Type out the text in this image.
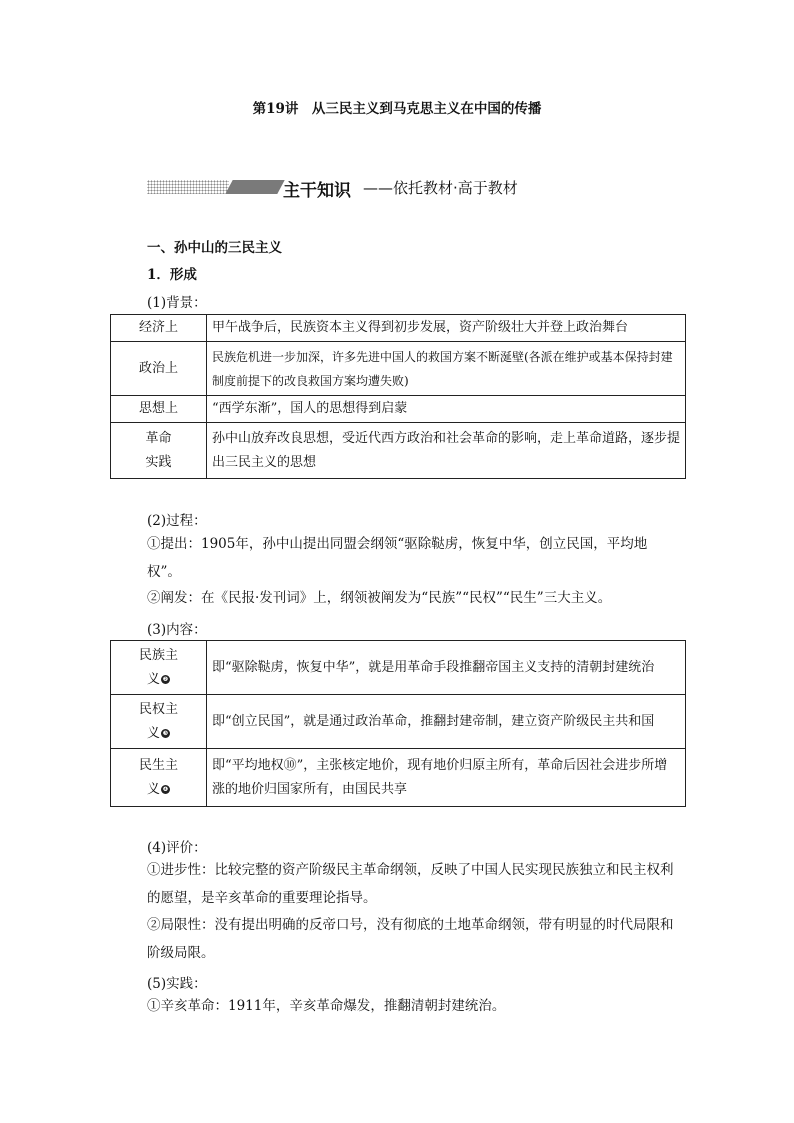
第19讲　从三民主义到马克思主义在中国的传播
主干知识 ——依托教材·高于教材
一、孙中山的三民主义
1．形成
(1)背景：
经济上	甲午战争后，民族资本主义得到初步发展，资产阶级壮大并登上政治舞台
政治上	民族危机进一步加深，许多先进中国人的救国方案不断涎壁(各派在维护或基本保持封建制度前提下的改良救国方案均遭失败)
思想上	“西学东渐”，国人的思想得到启蒙
革命实践	孙中山放弃改良思想，受近代西方政治和社会革命的影响，走上革命道路，逐步提出三民主义的思想
(2)过程：
①提出：1905年，孙中山提出同盟会纲领“驱除鞑虏，恢复中华，创立民国，平均地权”。
②阐发：在《民报·发刊词》上，纲领被阐发为“民族”“民权”“民生”三大主义。
(3)内容：
民族主义 ❷	即“驱除鞑虏，恢复中华”，就是用革命手段推翻帝国主义支持的清朝封建统治
民权主义 ❸	即“创立民国”，就是通过政治革命，推翻封建帝制，建立资产阶级民主共和国
民生主义 ❹	即“平均地权⑩”，主张核定地价，现有地价归原主所有，革命后因社会进步所增涨的地价归国家所有，由国民共享
(4)评价：
①进步性：比较完整的资产阶级民主革命纲领，反映了中国人民实现民族独立和民主权利的愿望，是辛亥革命的重要理论指导。
②局限性：没有提出明确的反帝口号，没有彻底的土地革命纲领，带有明显的时代局限和阶级局限。
(5)实践：
①辛亥革命：1911年，辛亥革命爆发，推翻清朝封建统治。
